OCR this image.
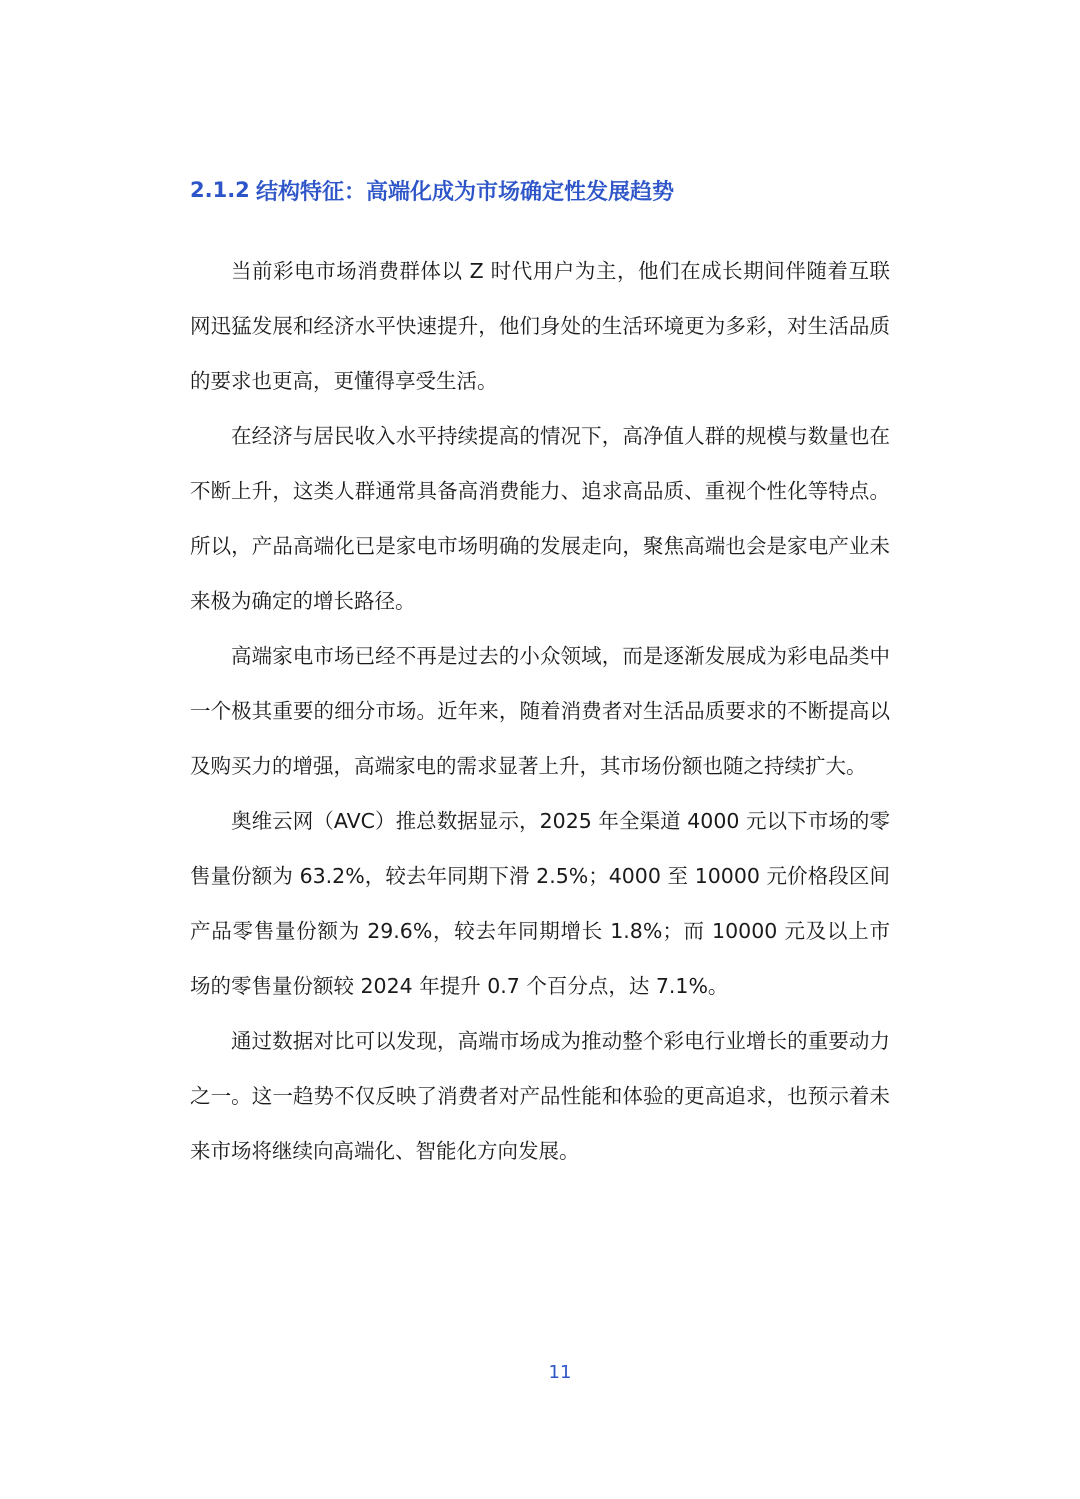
2.1.2 结构特征：高端化成为市场确定性发展趋势

当前彩电市场消费群体以 Z 时代用户为主，他们在成长期间伴随着互联网迅猛发展和经济水平快速提升，他们身处的生活环境更为多彩，对生活品质的要求也更高，更懂得享受生活。

在经济与居民收入水平持续提高的情况下，高净值人群的规模与数量也在不断上升，这类人群通常具备高消费能力、追求高品质、重视个性化等特点。所以，产品高端化已是家电市场明确的发展走向，聚焦高端也会是家电产业未来极为确定的增长路径。

高端家电市场已经不再是过去的小众领域，而是逐渐发展成为彩电品类中一个极其重要的细分市场。近年来，随着消费者对生活品质要求的不断提高以及购买力的增强，高端家电的需求显著上升，其市场份额也随之持续扩大。

奥维云网（AVC）推总数据显示，2025 年全渠道 4000 元以下市场的零售量份额为 63.2%，较去年同期下滑 2.5%；4000 至 10000 元价格段区间产品零售量份额为 29.6%，较去年同期增长 1.8%；而 10000 元及以上市场的零售量份额较 2024 年提升 0.7 个百分点，达 7.1%。

通过数据对比可以发现，高端市场成为推动整个彩电行业增长的重要动力之一。这一趋势不仅反映了消费者对产品性能和体验的更高追求，也预示着未来市场将继续向高端化、智能化方向发展。

11
